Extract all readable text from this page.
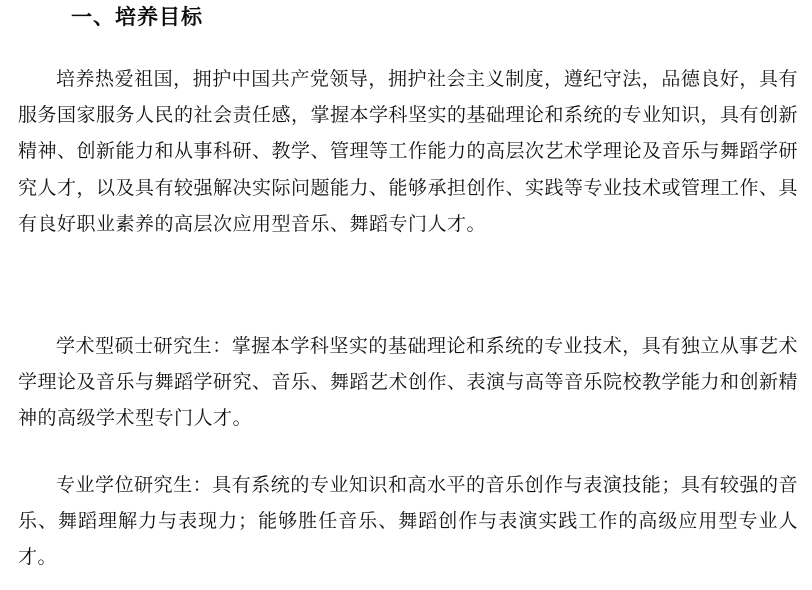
一、培养目标

培养热爱祖国，拥护中国共产党领导，拥护社会主义制度，遵纪守法，品德良好，具有服务国家服务人民的社会责任感，掌握本学科坚实的基础理论和系统的专业知识，具有创新精神、创新能力和从事科研、教学、管理等工作能力的高层次艺术学理论及音乐与舞蹈学研究人才，以及具有较强解决实际问题能力、能够承担创作、实践等专业技术或管理工作、具有良好职业素养的高层次应用型音乐、舞蹈专门人才。

学术型硕士研究生：掌握本学科坚实的基础理论和系统的专业技术，具有独立从事艺术学理论及音乐与舞蹈学研究、音乐、舞蹈艺术创作、表演与高等音乐院校教学能力和创新精神的高级学术型专门人才。

专业学位研究生：具有系统的专业知识和高水平的音乐创作与表演技能；具有较强的音乐、舞蹈理解力与表现力；能够胜任音乐、舞蹈创作与表演实践工作的高级应用型专业人才。
